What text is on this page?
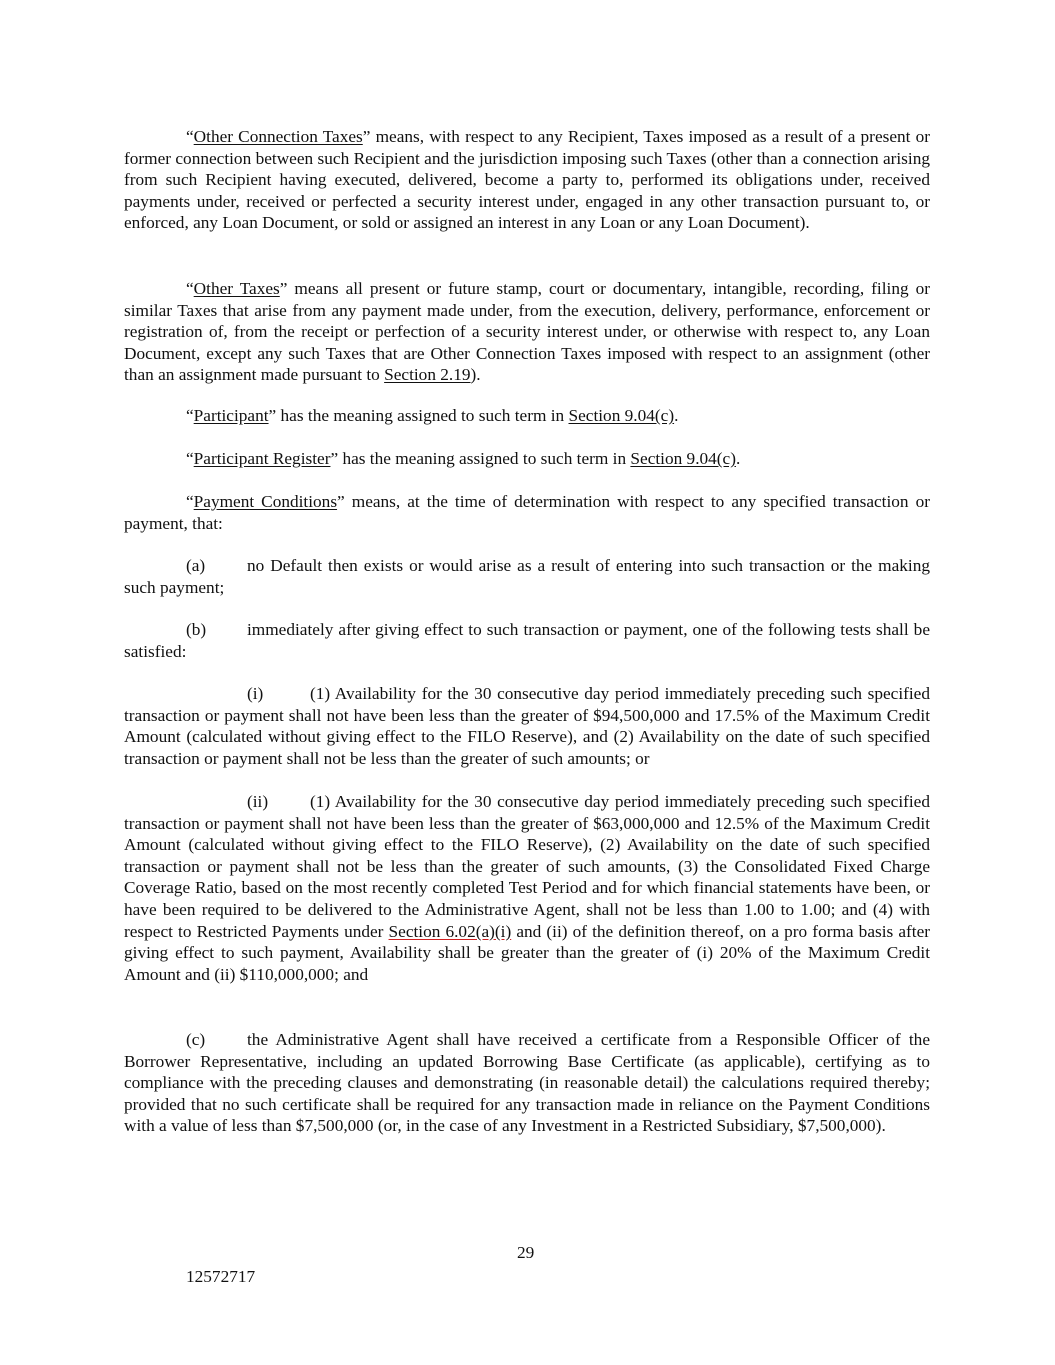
“Other Connection Taxes” means, with respect to any Recipient, Taxes imposed as a result of a present or former connection between such Recipient and the jurisdiction imposing such Taxes (other than a connection arising from such Recipient having executed, delivered, become a party to, performed its obligations under, received payments under, received or perfected a security interest under, engaged in any other transaction pursuant to, or enforced, any Loan Document, or sold or assigned an interest in any Loan or any Loan Document).
“Other Taxes” means all present or future stamp, court or documentary, intangible, recording, filing or similar Taxes that arise from any payment made under, from the execution, delivery, performance, enforcement or registration of, from the receipt or perfection of a security interest under, or otherwise with respect to, any Loan Document, except any such Taxes that are Other Connection Taxes imposed with respect to an assignment (other than an assignment made pursuant to Section 2.19).
“Participant” has the meaning assigned to such term in Section 9.04(c).
“Participant Register” has the meaning assigned to such term in Section 9.04(c).
“Payment Conditions” means, at the time of determination with respect to any specified transaction or payment, that:
(a) no Default then exists or would arise as a result of entering into such transaction or the making such payment;
(b) immediately after giving effect to such transaction or payment, one of the following tests shall be satisfied:
(i)	(1) Availability for the 30 consecutive day period immediately preceding such specified transaction or payment shall not have been less than the greater of $94,500,000 and 17.5% of the Maximum Credit Amount (calculated without giving effect to the FILO Reserve), and (2) Availability on the date of such specified transaction or payment shall not be less than the greater of such amounts; or
(ii) (1) Availability for the 30 consecutive day period immediately preceding such specified transaction or payment shall not have been less than the greater of $63,000,000 and 12.5% of the Maximum Credit Amount (calculated without giving effect to the FILO Reserve), (2) Availability on the date of such specified transaction or payment shall not be less than the greater of such amounts, (3) the Consolidated Fixed Charge Coverage Ratio, based on the most recently completed Test Period and for which financial statements have been, or have been required to be delivered to the Administrative Agent, shall not be less than 1.00 to 1.00; and (4) with respect to Restricted Payments under Section 6.02(a)(i) and (ii) of the definition thereof, on a pro forma basis after giving effect to such payment, Availability shall be greater than the greater of (i) 20% of the Maximum Credit Amount and (ii) $110,000,000; and
(c) the Administrative Agent shall have received a certificate from a Responsible Officer of the Borrower Representative, including an updated Borrowing Base Certificate (as applicable), certifying as to compliance with the preceding clauses and demonstrating (in reasonable detail) the calculations required thereby; provided that no such certificate shall be required for any transaction made in reliance on the Payment Conditions with a value of less than $7,500,000 (or, in the case of any Investment in a Restricted Subsidiary, $7,500,000).
29
12572717
